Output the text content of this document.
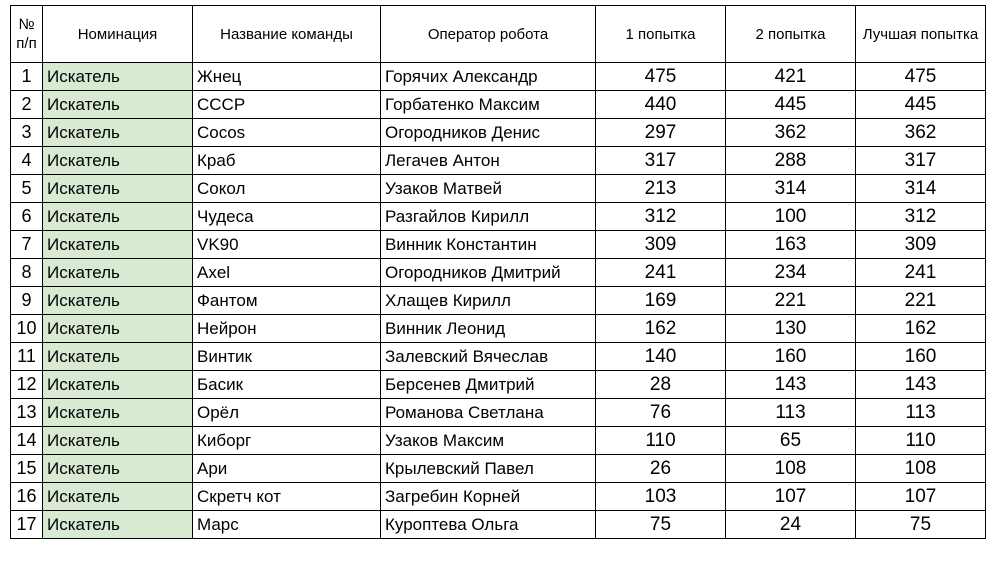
№ п/п	Номинация	Название команды	Оператор робота	1 попытка	2 попытка	Лучшая попытка
1	Искатель	Жнец	Горячих Александр	475	421	475
2	Искатель	СССР	Горбатенко Максим	440	445	445
3	Искатель	Cocos	Огородников Денис	297	362	362
4	Искатель	Краб	Легачев Антон	317	288	317
5	Искатель	Сокол	Узаков Матвей	213	314	314
6	Искатель	Чудеса	Разгайлов Кирилл	312	100	312
7	Искатель	VK90	Винник Константин	309	163	309
8	Искатель	Axel	Огородников Дмитрий	241	234	241
9	Искатель	Фантом	Хлащев Кирилл	169	221	221
10	Искатель	Нейрон	Винник Леонид	162	130	162
11	Искатель	Винтик	Залевский Вячеслав	140	160	160
12	Искатель	Басик	Берсенев Дмитрий	28	143	143
13	Искатель	Орёл	Романова Светлана	76	113	113
14	Искатель	Киборг	Узаков Максим	110	65	110
15	Искатель	Ари	Крылевский Павел	26	108	108
16	Искатель	Скретч кот	Загребин Корней	103	107	107
17	Искатель	Марс	Куроптева Ольга	75	24	75
